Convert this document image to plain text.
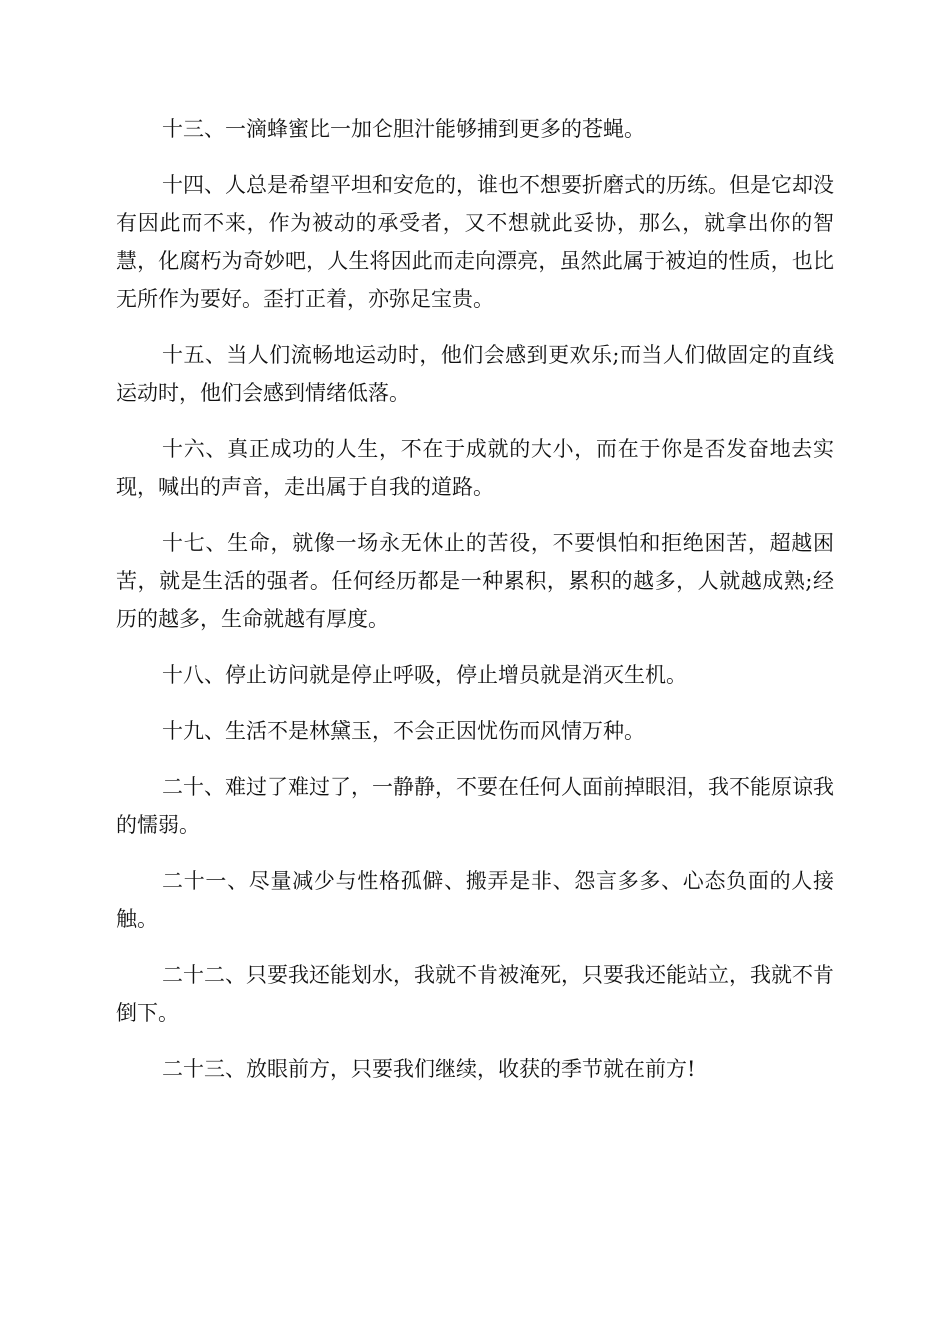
十三、一滴蜂蜜比一加仑胆汁能够捕到更多的苍蝇。

十四、人总是希望平坦和安危的，谁也不想要折磨式的历练。但是它却没有因此而不来，作为被动的承受者，又不想就此妥协，那么，就拿出你的智慧，化腐朽为奇妙吧，人生将因此而走向漂亮，虽然此属于被迫的性质，也比无所作为要好。歪打正着，亦弥足宝贵。

十五、当人们流畅地运动时，他们会感到更欢乐;而当人们做固定的直线运动时，他们会感到情绪低落。

十六、真正成功的人生，不在于成就的大小，而在于你是否发奋地去实现，喊出的声音，走出属于自我的道路。

十七、生命，就像一场永无休止的苦役，不要惧怕和拒绝困苦，超越困苦，就是生活的强者。任何经历都是一种累积，累积的越多，人就越成熟;经历的越多，生命就越有厚度。

十八、停止访问就是停止呼吸，停止增员就是消灭生机。

十九、生活不是林黛玉，不会正因忧伤而风情万种。

二十、难过了难过了，一静静，不要在任何人面前掉眼泪，我不能原谅我的懦弱。

二十一、尽量减少与性格孤僻、搬弄是非、怨言多多、心态负面的人接触。

二十二、只要我还能划水，我就不肯被淹死，只要我还能站立，我就不肯倒下。

二十三、放眼前方，只要我们继续，收获的季节就在前方!
